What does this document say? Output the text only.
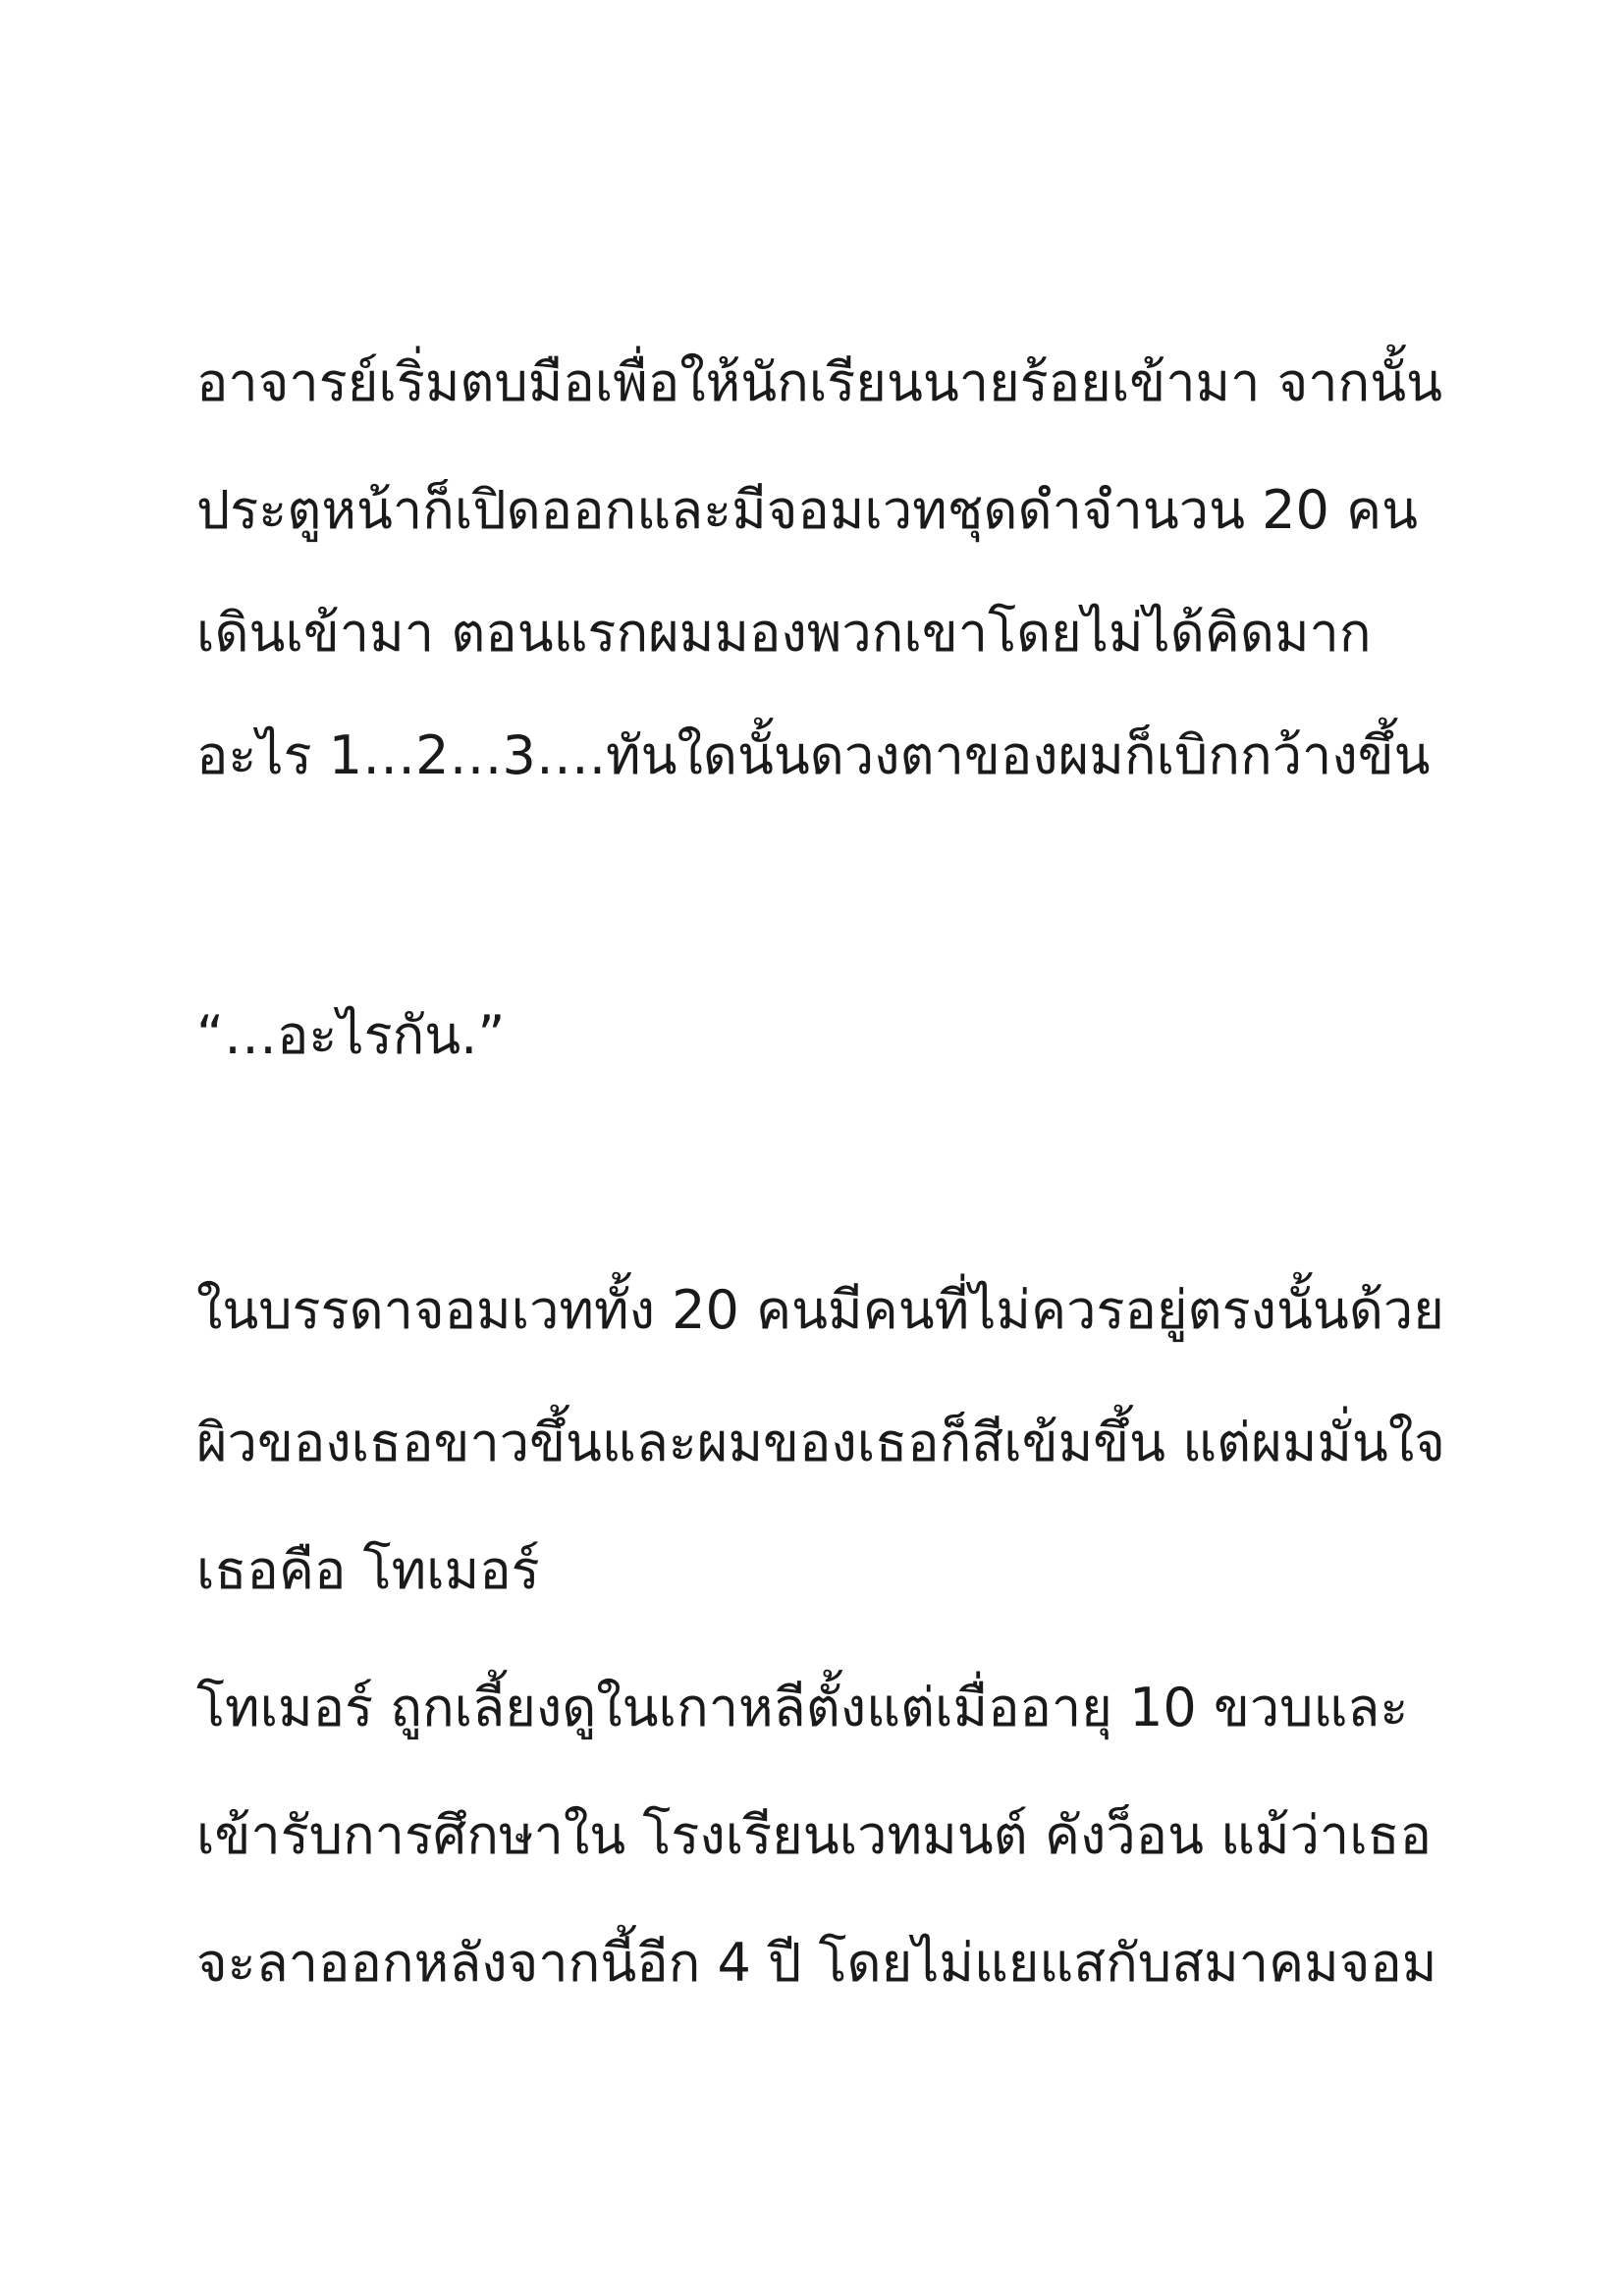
อาจารย์เริ่มตบมือเพื่อให้นักเรียนนายร้อยเข้ามา จากนั้น
ประตูหน้าก็เปิดออกและมีจอมเวทชุดดำจำนวน 20 คน
เดินเข้ามา ตอนแรกผมมองพวกเขาโดยไม่ได้คิดมาก
อะไร 1…2…3….ทันใดนั้นดวงตาของผมก็เบิกกว้างขึ้น
“…อะไรกัน.”
ในบรรดาจอมเวททั้ง 20 คนมีคนที่ไม่ควรอยู่ตรงนั้นด้วย
ผิวของเธอขาวขึ้นและผมของเธอก็สีเข้มขึ้น แต่ผมมั่นใจ
เธอคือ โทเมอร์
โทเมอร์ ถูกเลี้ยงดูในเกาหลีตั้งแต่เมื่ออายุ 10 ขวบและ
เข้ารับการศึกษาใน โรงเรียนเวทมนต์ คังว็อน แม้ว่าเธอ
จะลาออกหลังจากนี้อีก 4 ปี โดยไม่แยแสกับสมาคมจอม
